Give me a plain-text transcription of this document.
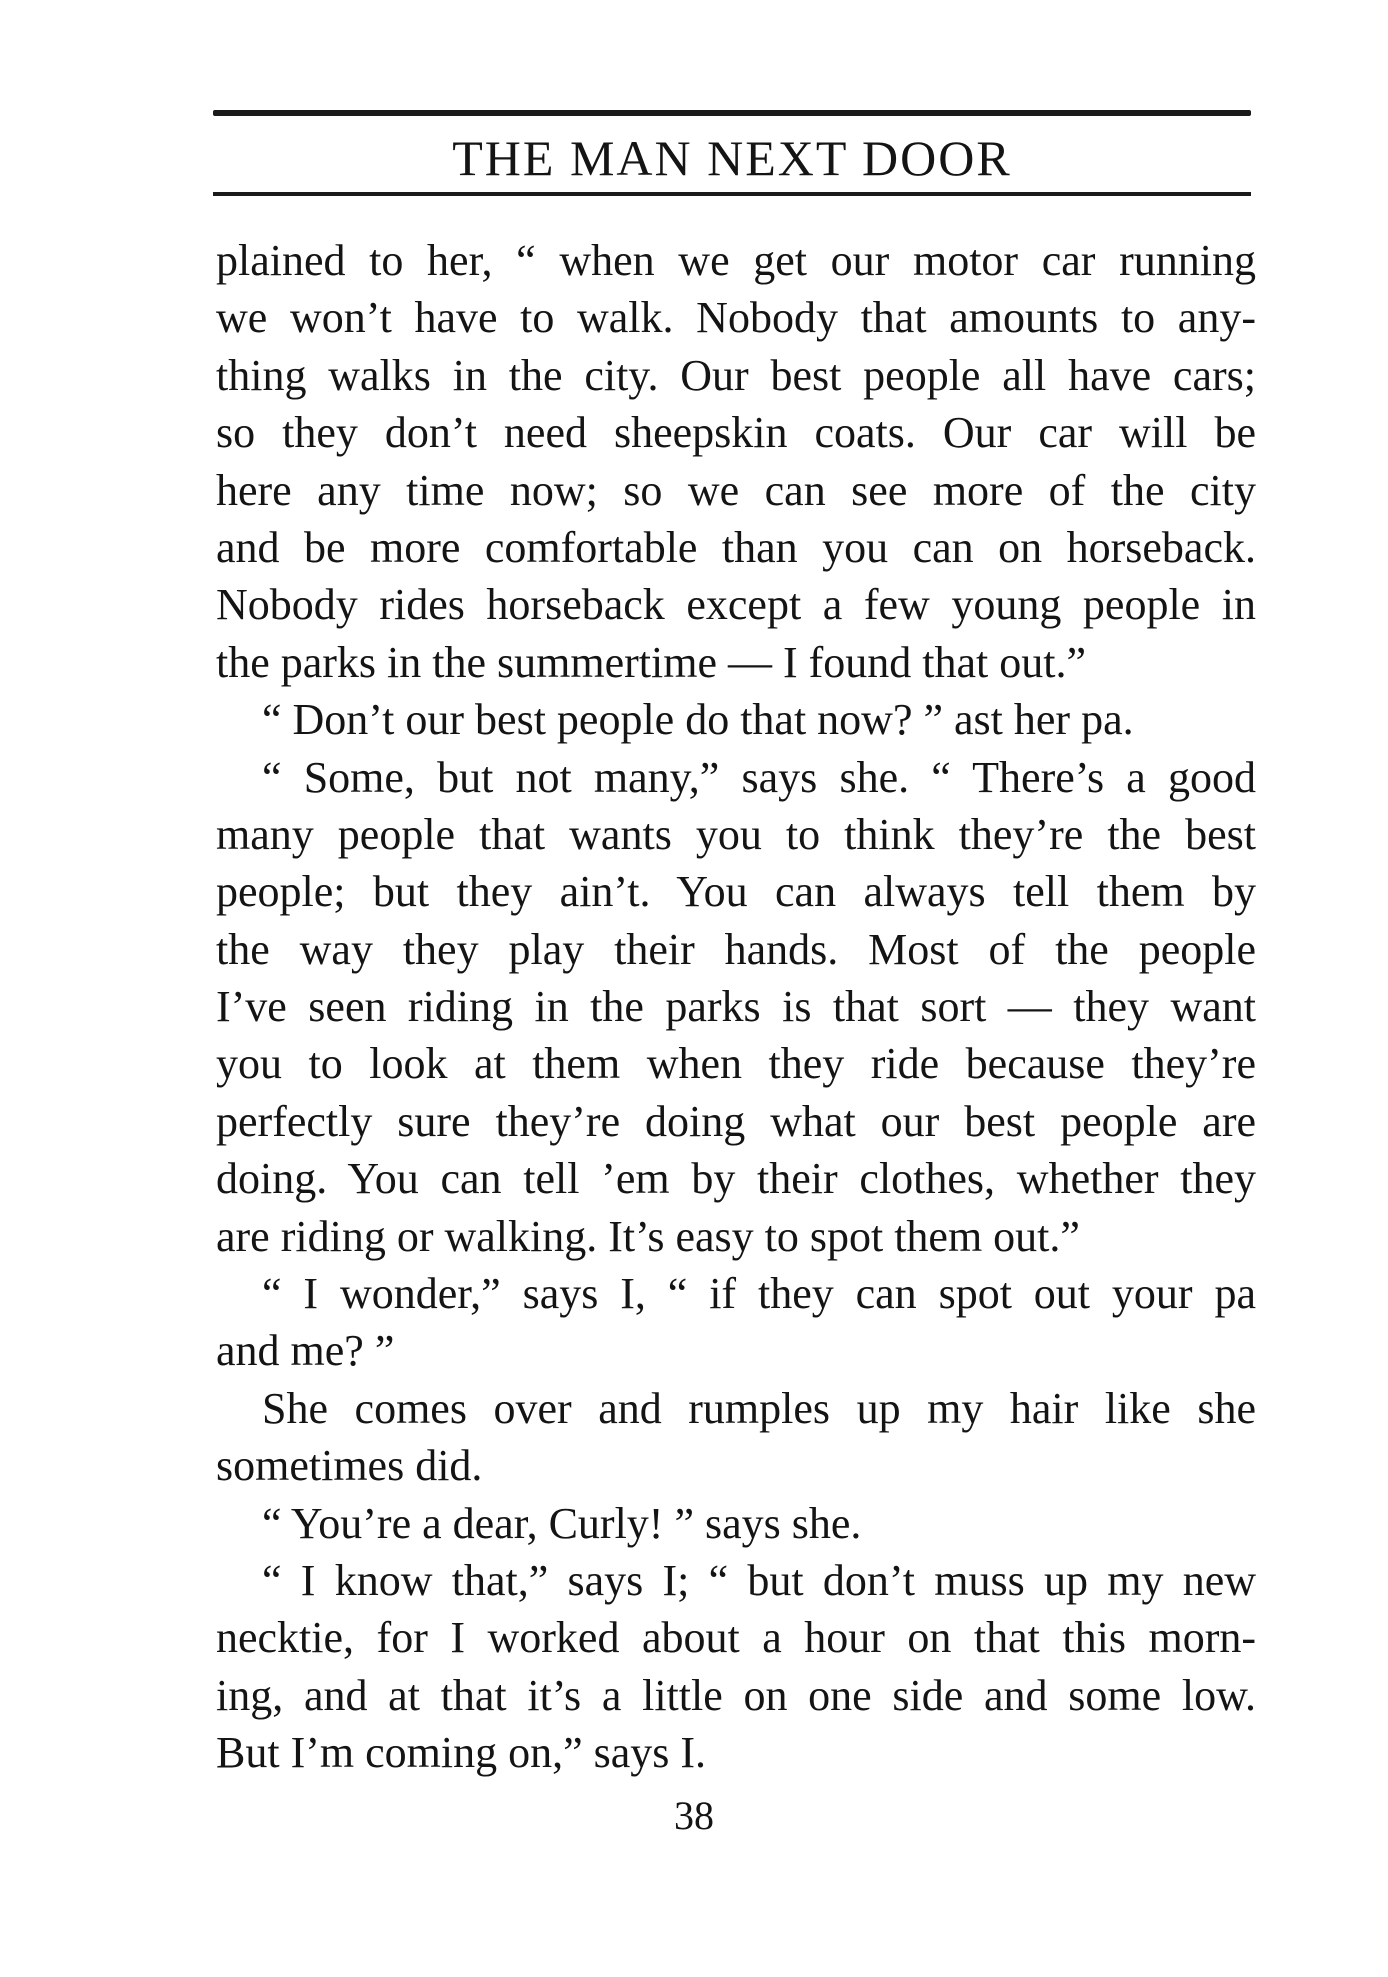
THE MAN NEXT DOOR
plained to her, “ when we get our motor car running
we won’t have to walk. Nobody that amounts to any-
thing walks in the city. Our best people all have cars;
so they don’t need sheepskin coats. Our car will be
here any time now; so we can see more of the city
and be more comfortable than you can on horseback.
Nobody rides horseback except a few young people in
the parks in the summertime — I found that out.”
“ Don’t our best people do that now? ” ast her pa.
“ Some, but not many,” says she. “ There’s a good
many people that wants you to think they’re the best
people; but they ain’t. You can always tell them by
the way they play their hands. Most of the people
I’ve seen riding in the parks is that sort — they want
you to look at them when they ride because they’re
perfectly sure they’re doing what our best people are
doing. You can tell ’em by their clothes, whether they
are riding or walking. It’s easy to spot them out.”
“ I wonder,” says I, “ if they can spot out your pa
and me? ”
She comes over and rumples up my hair like she
sometimes did.
“ You’re a dear, Curly! ” says she.
“ I know that,” says I; “ but don’t muss up my new
necktie, for I worked about a hour on that this morn-
ing, and at that it’s a little on one side and some low.
But I’m coming on,” says I.
38
